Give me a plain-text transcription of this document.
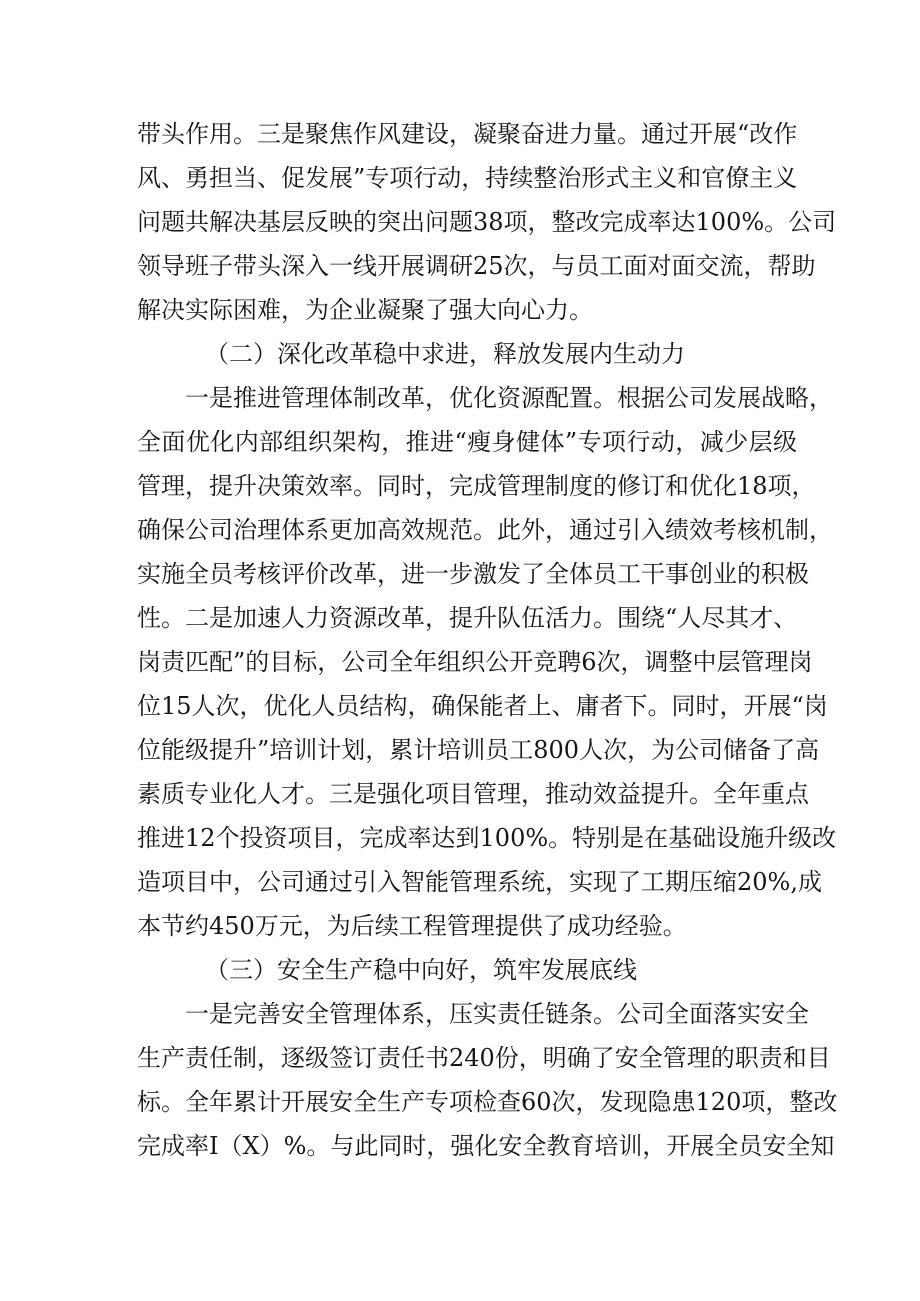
带头作用。三是聚焦作风建设，凝聚奋进力量。通过开展“改作
风、勇担当、促发展”专项行动，持续整治形式主义和官僚主义
问题共解决基层反映的突出问题38项，整改完成率达100%。公司
领导班子带头深入一线开展调研25次，与员工面对面交流，帮助
解决实际困难，为企业凝聚了强大向心力。
（二）深化改革稳中求进，释放发展内生动力
一是推进管理体制改革，优化资源配置。根据公司发展战略，
全面优化内部组织架构，推进“瘦身健体”专项行动，减少层级
管理，提升决策效率。同时，完成管理制度的修订和优化18项，
确保公司治理体系更加高效规范。此外，通过引入绩效考核机制，
实施全员考核评价改革，进一步激发了全体员工干事创业的积极
性。二是加速人力资源改革，提升队伍活力。围绕“人尽其才、
岗责匹配”的目标，公司全年组织公开竞聘6次，调整中层管理岗
位15人次，优化人员结构，确保能者上、庸者下。同时，开展“岗
位能级提升”培训计划，累计培训员工800人次，为公司储备了高
素质专业化人才。三是强化项目管理，推动效益提升。全年重点
推进12个投资项目，完成率达到100%。特别是在基础设施升级改
造项目中，公司通过引入智能管理系统，实现了工期压缩20%,成
本节约450万元，为后续工程管理提供了成功经验。
（三）安全生产稳中向好，筑牢发展底线
一是完善安全管理体系，压实责任链条。公司全面落实安全
生产责任制，逐级签订责任书240份，明确了安全管理的职责和目
标。全年累计开展安全生产专项检查60次，发现隐患120项，整改
完成率I（X）%。与此同时，强化安全教育培训，开展全员安全知
